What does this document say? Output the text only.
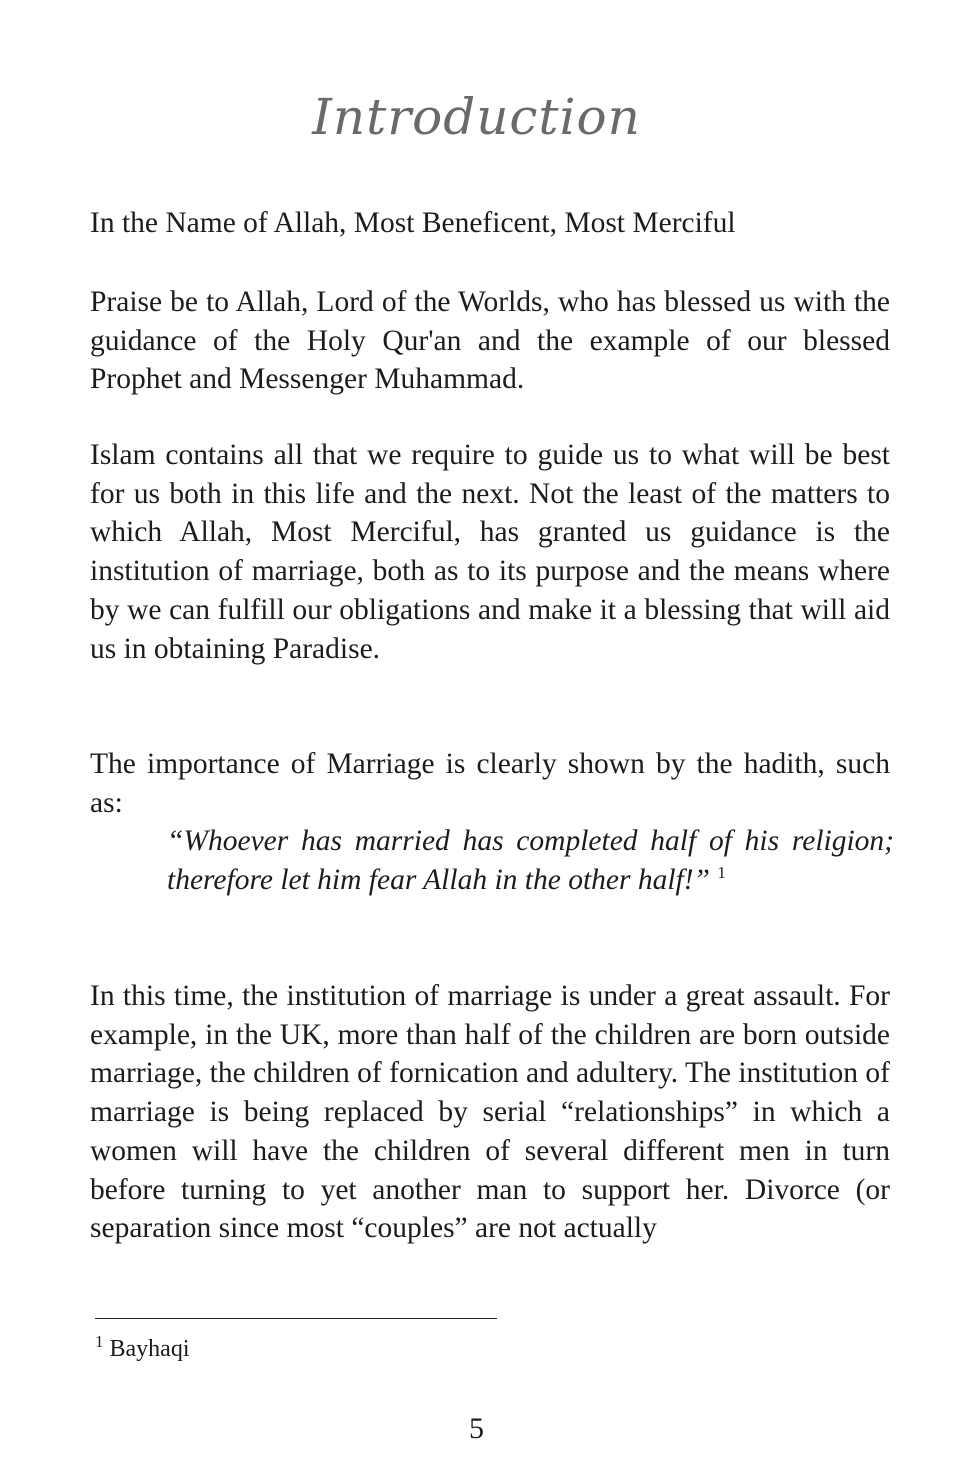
Introduction

In the Name of Allah, Most Beneficent, Most Merciful

Praise be to Allah, Lord of the Worlds, who has blessed us with the guidance of the Holy Qur'an and the example of our blessed Prophet and Messenger Muhammad.

Islam contains all that we require to guide us to what will be best for us both in this life and the next. Not the least of the matters to which Allah, Most Merciful, has granted us guidance is the institution of marriage, both as to its purpose and the means where by we can fulfill our obligations and make it a blessing that will aid us in obtaining Paradise.

The importance of Marriage is clearly shown by the hadith, such as:

“Whoever has married has completed half of his religion; therefore let him fear Allah in the other half!” $^1$

In this time, the institution of marriage is under a great assault. For example, in the UK, more than half of the children are born outside marriage, the children of fornication and adultery. The institution of marriage is being replaced by serial “relationships” in which a women will have the children of several different men in turn before turning to yet another man to support her. Divorce (or separation since most “couples” are not actually

$^1$ Bayhaqi

5
